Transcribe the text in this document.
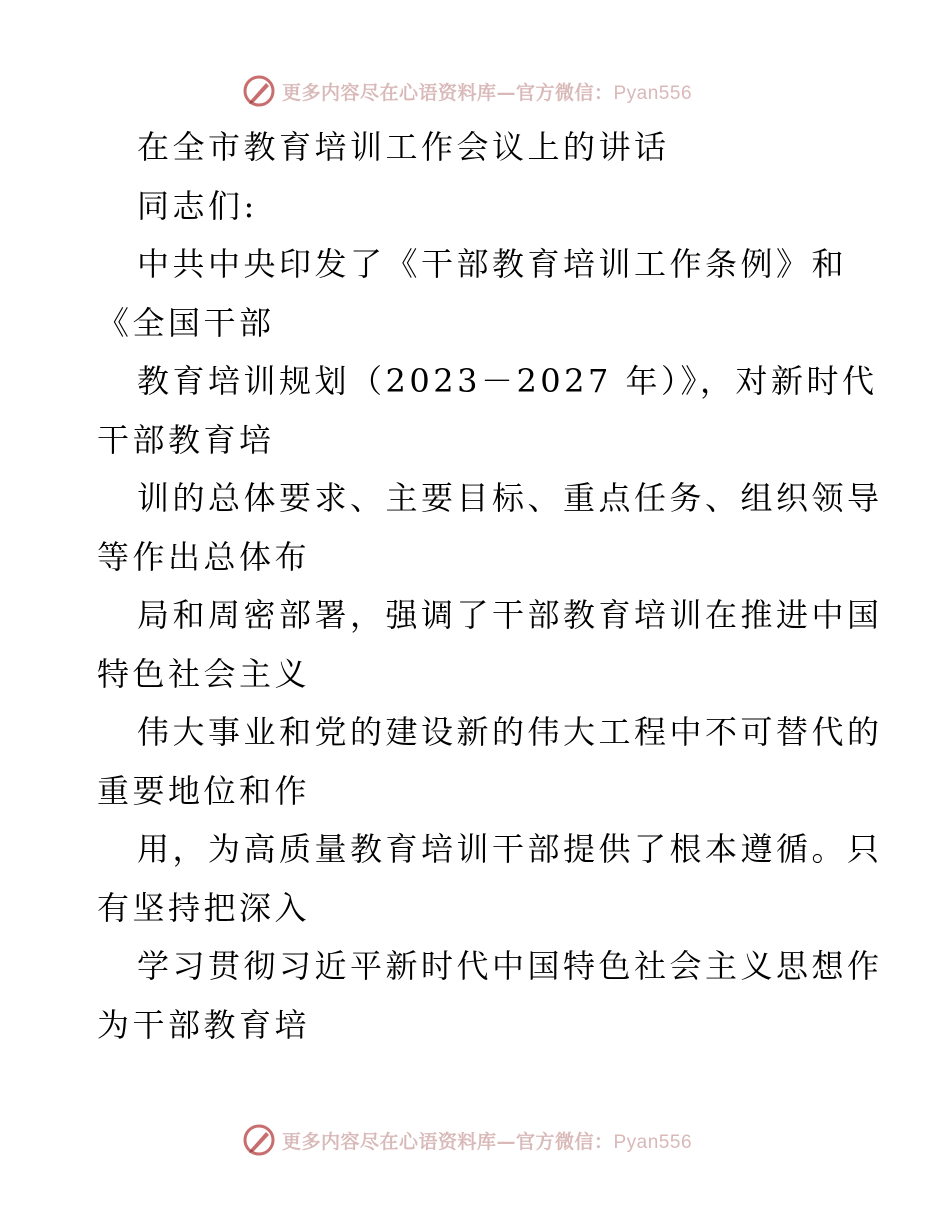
更多内容尽在心语资料库—官方微信：Pyan556
在全市教育培训工作会议上的讲话
同志们:
中共中央印发了《干部教育培训工作条例》和
《全国干部
教育培训规划（2023－2027 年）》，对新时代
干部教育培
训的总体要求、主要目标、重点任务、组织领导
等作出总体布
局和周密部署，强调了干部教育培训在推进中国
特色社会主义
伟大事业和党的建设新的伟大工程中不可替代的
重要地位和作
用，为高质量教育培训干部提供了根本遵循。只
有坚持把深入
学习贯彻习近平新时代中国特色社会主义思想作
为干部教育培
更多内容尽在心语资料库—官方微信：Pyan556
